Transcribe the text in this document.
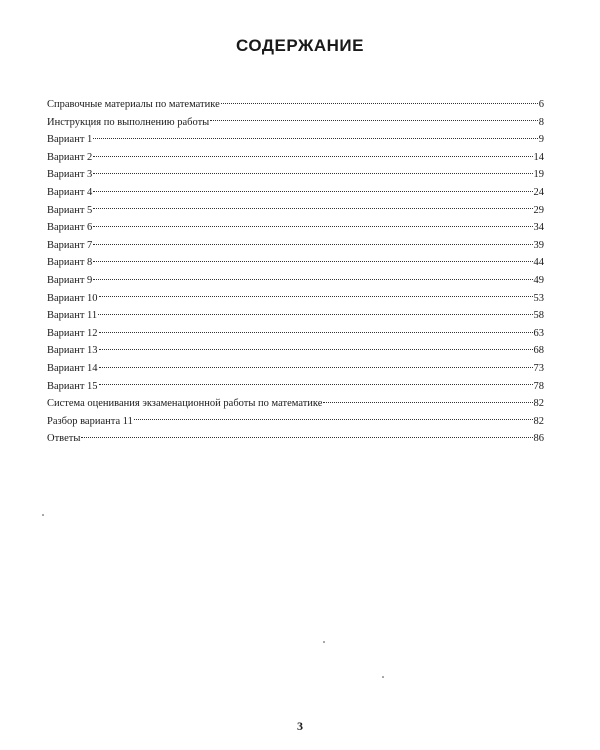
СОДЕРЖАНИЕ
Справочные материалы по математике	6
Инструкция по выполнению работы	8
Вариант 1	9
Вариант 2	14
Вариант 3	19
Вариант 4	24
Вариант 5	29
Вариант 6	34
Вариант 7	39
Вариант 8	44
Вариант 9	49
Вариант 10	53
Вариант 11	58
Вариант 12	63
Вариант 13	68
Вариант 14	73
Вариант 15	78
Система оценивания экзаменационной работы по математике	82
Разбор варианта 11	82
Ответы	86
3
